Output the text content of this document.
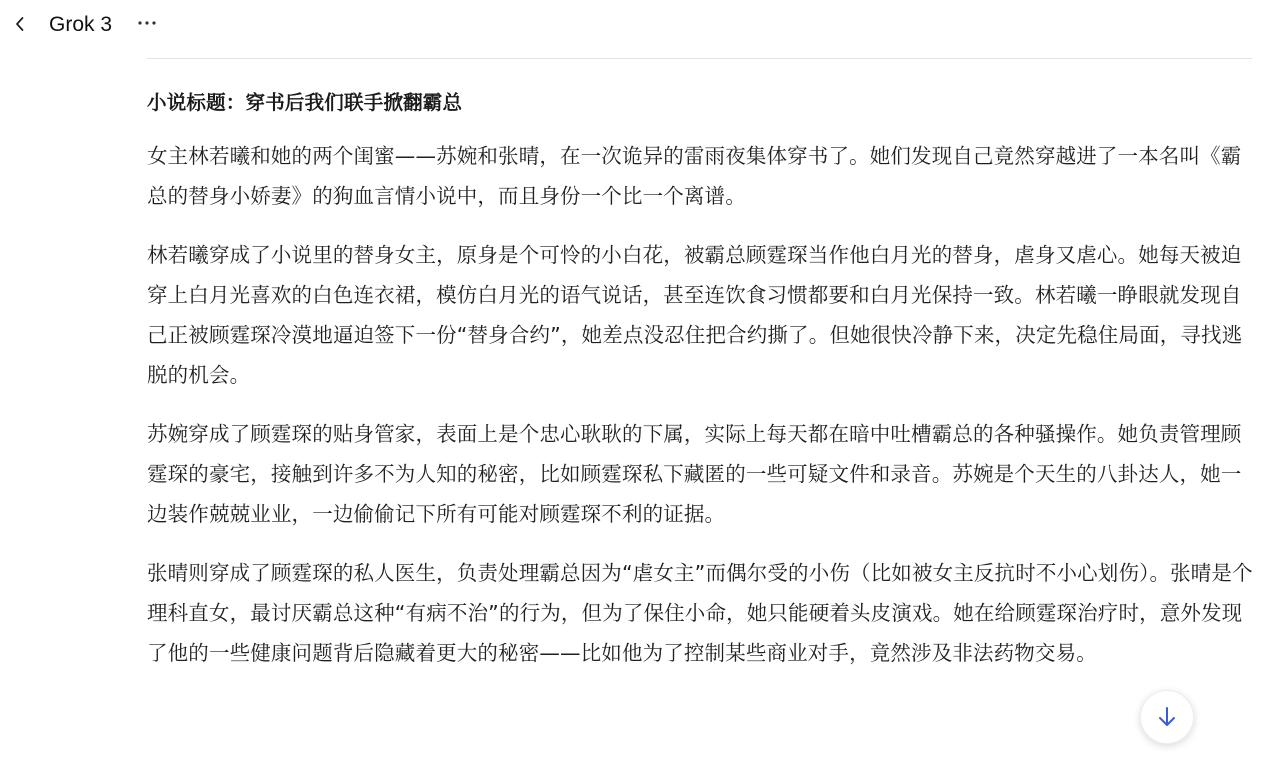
Grok 3
小说标题：穿书后我们联手掀翻霸总
女主林若曦和她的两个闺蜜——苏婉和张晴，在一次诡异的雷雨夜集体穿书了。她们发现自己竟然穿越进了一本名叫《霸总的替身小娇妻》的狗血言情小说中，而且身份一个比一个离谱。
林若曦穿成了小说里的替身女主，原身是个可怜的小白花，被霸总顾霆琛当作他白月光的替身，虐身又虐心。她每天被迫穿上白月光喜欢的白色连衣裙，模仿白月光的语气说话，甚至连饮食习惯都要和白月光保持一致。林若曦一睁眼就发现自己正被顾霆琛冷漠地逼迫签下一份“替身合约”，她差点没忍住把合约撕了。但她很快冷静下来，决定先稳住局面，寻找逃脱的机会。
苏婉穿成了顾霆琛的贴身管家，表面上是个忠心耿耿的下属，实际上每天都在暗中吐槽霸总的各种骚操作。她负责管理顾霆琛的豪宅，接触到许多不为人知的秘密，比如顾霆琛私下藏匿的一些可疑文件和录音。苏婉是个天生的八卦达人，她一边装作兢兢业业，一边偷偷记下所有可能对顾霆琛不利的证据。
张晴则穿成了顾霆琛的私人医生，负责处理霸总因为“虐女主”而偶尔受的小伤（比如被女主反抗时不小心划伤）。张晴是个理科直女，最讨厌霸总这种“有病不治”的行为，但为了保住小命，她只能硬着头皮演戏。她在给顾霆琛治疗时，意外发现了他的一些健康问题背后隐藏着更大的秘密——比如他为了控制某些商业对手，竟然涉及非法药物交易。
